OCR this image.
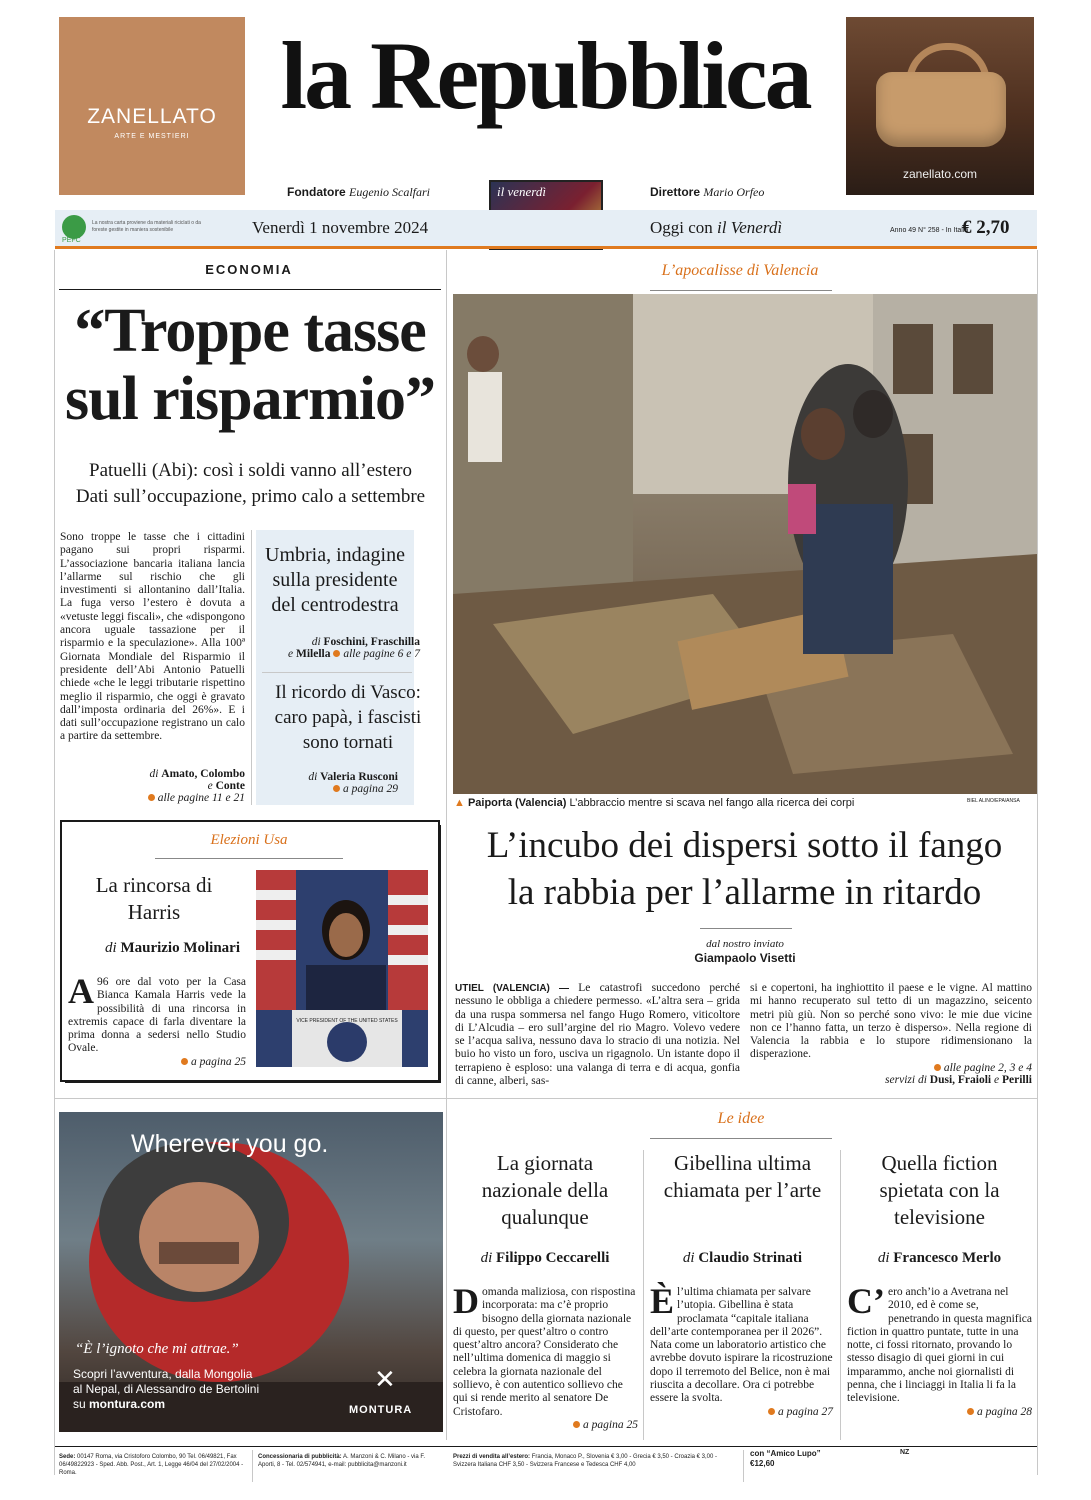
ZANELLATO
ARTE E MESTIERI
la Repubblica
zanellato.com
Fondatore Eugenio Scalfari	il venerdì	Direttore Mario Orfeo
PEFC
La nostra carta proviene da materiali riciclati o da foreste gestite in maniera sostenibile	Venerdì 1 novembre 2024	Oggi con il Venerdì	Anno 49 N° 258 - In Italia
€ 2,70
ECONOMIA
“Troppe tasse sul risparmio”
Patuelli (Abi): così i soldi vanno all’estero
Dati sull’occupazione, primo calo a settembre
Sono troppe le tasse che i cittadini pagano sui propri risparmi. L’associazione bancaria italiana lancia l’allarme sul rischio che gli investimenti si allontanino dall’Italia. La fuga verso l’estero è dovuta a «vetuste leggi fiscali», che «dispongono ancora uguale tassazione per il risparmio e la speculazione». Alla 100ª Giornata Mondiale del Risparmio il presidente dell’Abi Antonio Patuelli chiede «che le leggi tributarie rispettino meglio il risparmio, che oggi è gravato dall’imposta ordinaria del 26%». E i dati sull’occupazione registrano un calo a partire da settembre.
di Amato, Colombo
e Conte
alle pagine 11 e 21
Umbria, indagine sulla presidente del centrodestra
di Foschini, Fraschilla
e Milella alle pagine 6 e 7
Il ricordo di Vasco: caro papà, i fascisti sono tornati
di Valeria Rusconi
a pagina 29
L’apocalisse di Valencia
▲ Paiporta (Valencia) L’abbraccio mentre si scava nel fango alla ricerca dei corpi	BIEL ALINO/EPA/ANSA
L’incubo dei dispersi sotto il fango
la rabbia per l’allarme in ritardo
dal nostro inviato
Giampaolo Visetti
UTIEL (VALENCIA) — Le catastrofi succedono perché nessuno le obbliga a chiedere permesso. «L’altra sera – grida da una ruspa sommersa nel fango Hugo Romero, viticoltore di L’Alcudia – ero sull’argine del rio Magro. Volevo vedere se l’acqua saliva, nessuno dava lo stracio di una notizia. Nel buio ho visto un foro, usciva un rigagnolo. Un istante dopo il terrapieno è esploso: una valanga di terra e di acqua, gonfia di canne, alberi, sas-
si e copertoni, ha inghiottito il paese e le vigne. Al mattino mi hanno recuperato sul tetto di un magazzino, seicento metri più giù. Non so perché sono vivo: le mie due vicine non ce l’hanno fatta, un terzo è disperso». Nella regione di Valencia la rabbia e lo stupore ridimensionano la disperazione.
alle pagine 2, 3 e 4
servizi di Dusi, Fraioli e Perilli
Elezioni Usa
La rincorsa di Harris
di Maurizio Molinari
A 96 ore dal voto per la Casa Bianca Kamala Harris vede la possibilità di una rincorsa in extremis capace di farla diventare la prima donna a sedersi nello Studio Ovale.

a pagina 25
VICE PRESIDENT OF THE UNITED STATES
Wherever you go.
“È l’ignoto che mi attrae.”
Scopri l’avventura, dalla Mongolia
al Nepal, di Alessandro de Bertolini
su montura.com
✕
MONTURA
Le idee
La giornata nazionale della qualunque
di Filippo Ceccarelli
Domanda maliziosa, con rispostina incorporata: ma c’è proprio bisogno della giornata nazionale di questo, per quest’altro o contro quest’altro ancora? Considerato che nell’ultima domenica di maggio si celebra la giornata nazionale del sollievo, è con autentico sollievo che qui si rende merito al senatore De Cristofaro.

a pagina 25
Gibellina ultima chiamata per l’arte
di Claudio Strinati
Èl’ultima chiamata per salvare l’utopia. Gibellina è stata proclamata “capitale italiana dell’arte contemporanea per il 2026”. Nata come un laboratorio artistico che avrebbe dovuto ispirare la ricostruzione dopo il terremoto del Belice, non è mai riuscita a decollare. Ora ci potrebbe essere la svolta.

a pagina 27
Quella fiction spietata con la televisione
di Francesco Merlo
C’ ero anch’io a Avetrana nel 2010, ed è come se, penetrando in questa magnifica fiction in quattro puntate, tutte in una notte, ci fossi ritornato, provando lo stesso disagio di quei giorni in cui imparammo, anche noi giornalisti di penna, che i linciaggi in Italia li fa la televisione.

a pagina 28
Sede: 00147 Roma, via Cristoforo Colombo, 90 Tel. 06/49821, Fax 06/49822923 - Sped. Abb. Post., Art. 1, Legge 46/04 del 27/02/2004 - Roma.
Concessionaria di pubblicità: A. Manzoni & C. Milano - via F. Aporti, 8 - Tel. 02/574941, e-mail: pubblicita@manzoni.it
Prezzi di vendita all’estero: Francia, Monaco P., Slovenia € 3,00 - Grecia € 3,50 - Croazia € 3,00 - Svizzera Italiana CHF 3,50 - Svizzera Francese e Tedesca CHF 4,00
con “Amico Lupo” €12,60
NZ
